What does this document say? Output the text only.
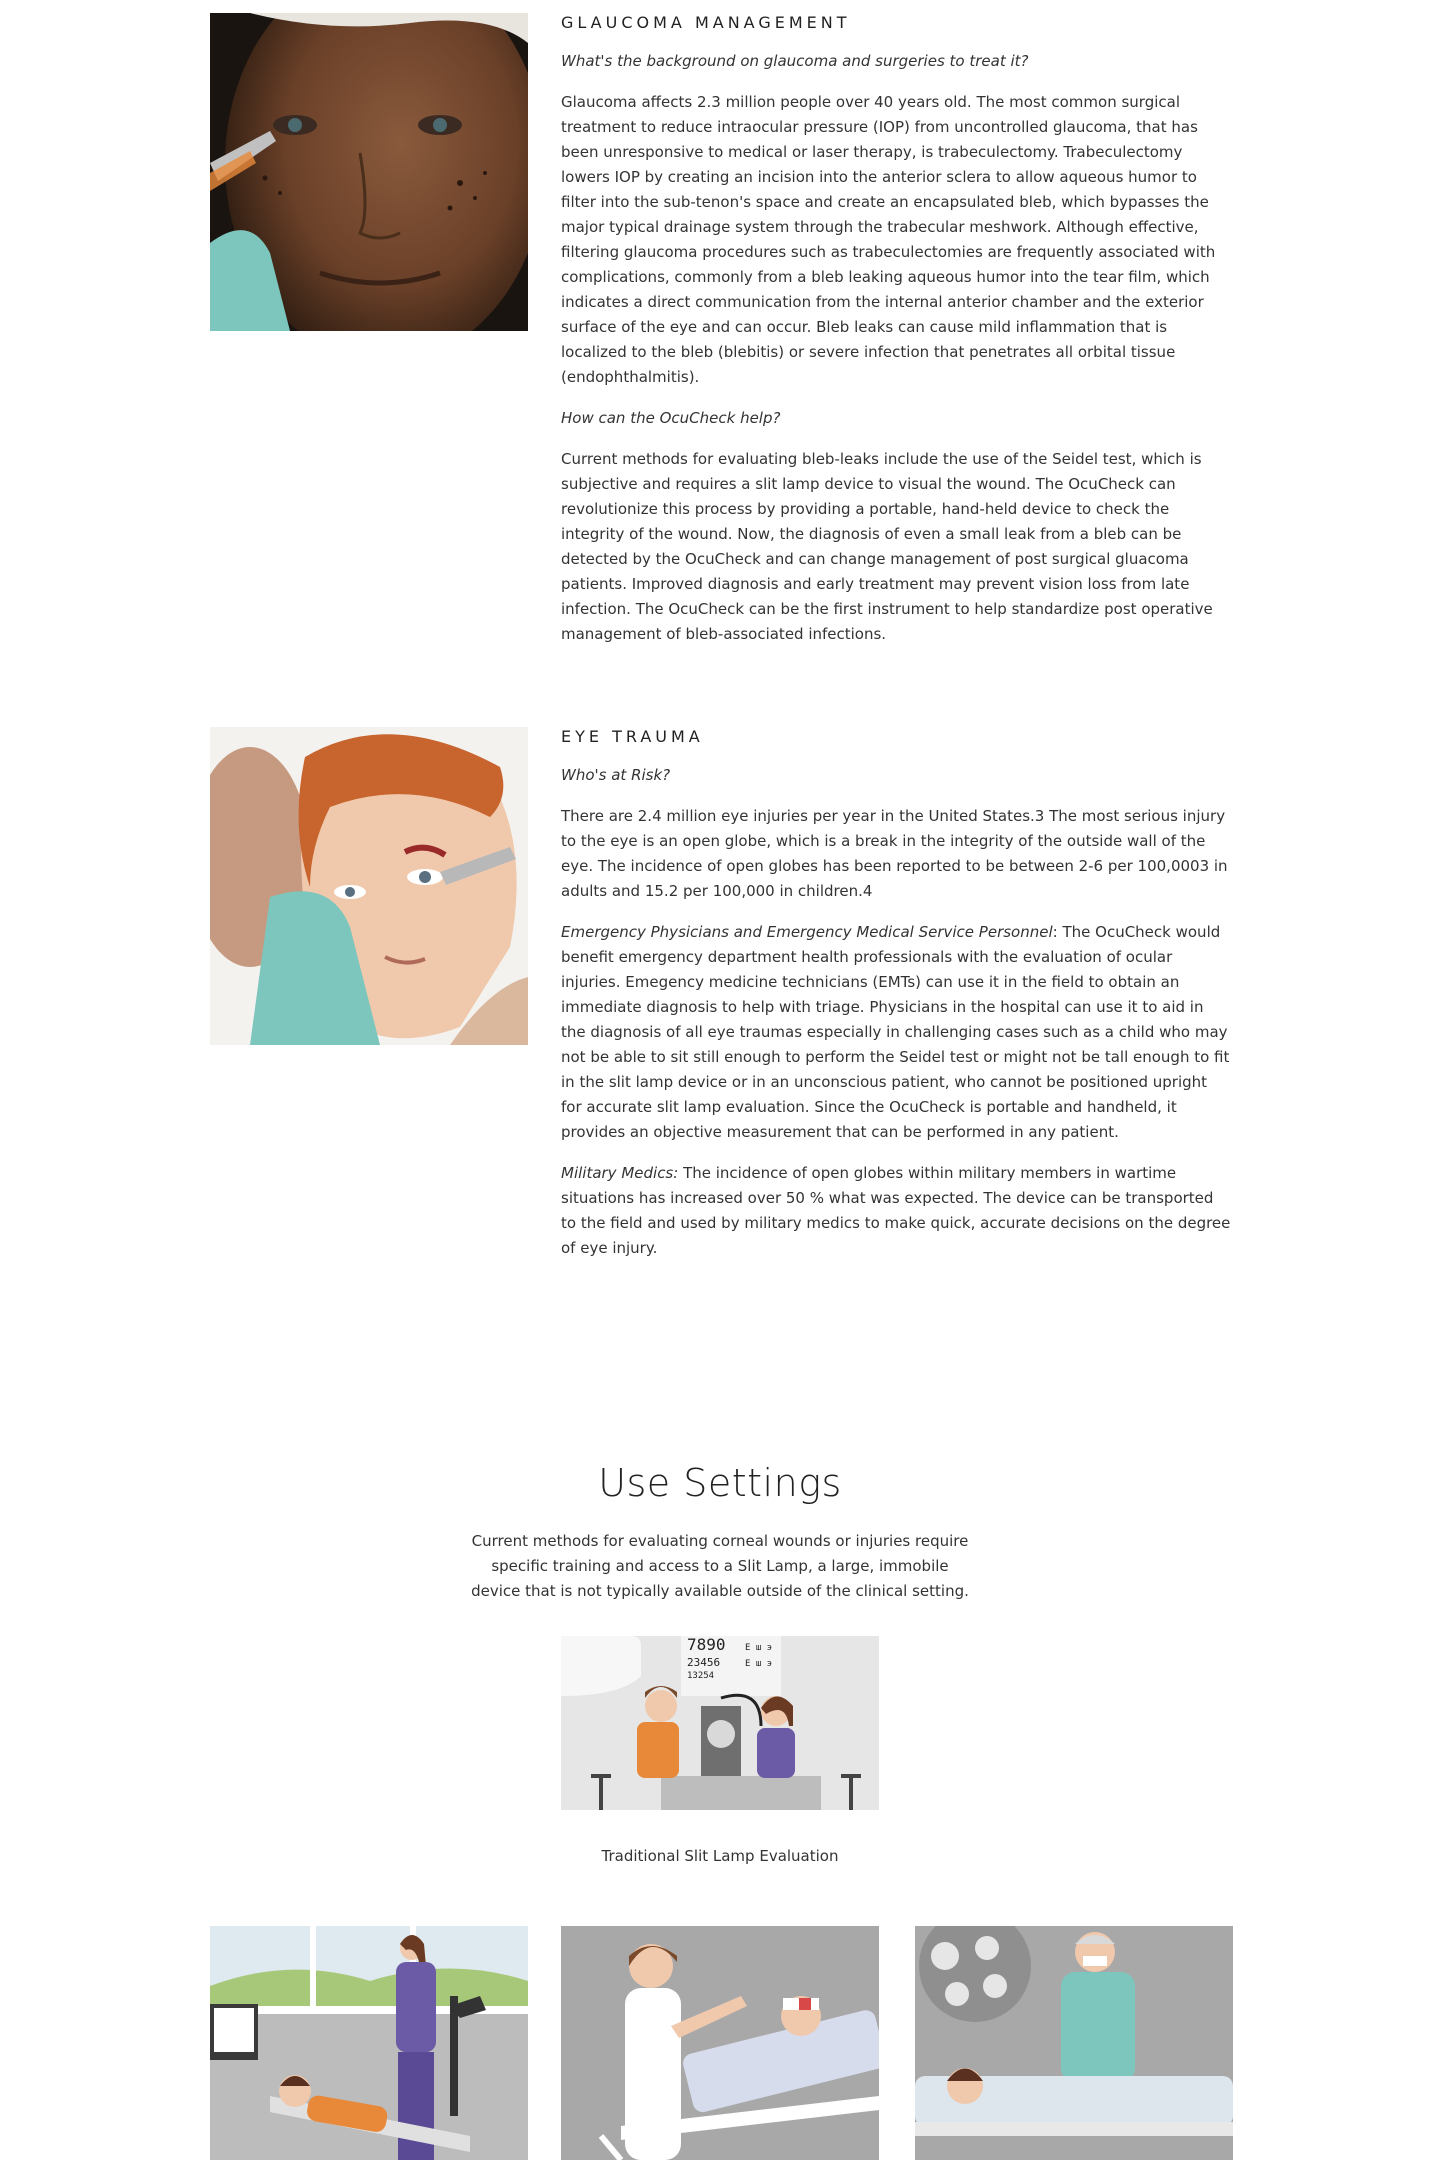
GLAUCOMA MANAGEMENT

What's the background on glaucoma and surgeries to treat it?

Glaucoma affects 2.3 million people over 40 years old. The most common surgical treatment to reduce intraocular pressure (IOP) from uncontrolled glaucoma, that has been unresponsive to medical or laser therapy, is trabeculectomy. Trabeculectomy lowers IOP by creating an incision into the anterior sclera to allow aqueous humor to filter into the sub-tenon's space and create an encapsulated bleb, which bypasses the major typical drainage system through the trabecular meshwork. Although effective, filtering glaucoma procedures such as trabeculectomies are frequently associated with complications, commonly from a bleb leaking aqueous humor into the tear film, which indicates a direct communication from the internal anterior chamber and the exterior surface of the eye and can occur. Bleb leaks can cause mild inflammation that is localized to the bleb (blebitis) or severe infection that penetrates all orbital tissue (endophthalmitis).

How can the OcuCheck help?

Current methods for evaluating bleb-leaks include the use of the Seidel test, which is subjective and requires a slit lamp device to visual the wound. The OcuCheck can revolutionize this process by providing a portable, hand-held device to check the integrity of the wound. Now, the diagnosis of even a small leak from a bleb can be detected by the OcuCheck and can change management of post surgical gluacoma patients. Improved diagnosis and early treatment may prevent vision loss from late infection. The OcuCheck can be the first instrument to help standardize post operative management of bleb-associated infections.

EYE TRAUMA

Who's at Risk?

There are 2.4 million eye injuries per year in the United States.3 The most serious injury to the eye is an open globe, which is a break in the integrity of the outside wall of the eye. The incidence of open globes has been reported to be between 2-6 per 100,0003 in adults and 15.2 per 100,000 in children.4

Emergency Physicians and Emergency Medical Service Personnel: The OcuCheck would benefit emergency department health professionals with the evaluation of ocular injuries. Emegency medicine technicians (EMTs) can use it in the field to obtain an immediate diagnosis to help with triage. Physicians in the hospital can use it to aid in the diagnosis of all eye traumas especially in challenging cases such as a child who may not be able to sit still enough to perform the Seidel test or might not be tall enough to fit in the slit lamp device or in an unconscious patient, who cannot be positioned upright for accurate slit lamp evaluation. Since the OcuCheck is portable and handheld, it provides an objective measurement that can be performed in any patient.

Military Medics: The incidence of open globes within military members in wartime situations has increased over 50 % what was expected. The device can be transported to the field and used by military medics to make quick, accurate decisions on the degree of eye injury.

Use Settings

Current methods for evaluating corneal wounds or injuries require specific training and access to a Slit Lamp, a large, immobile device that is not typically available outside of the clinical setting.

7890
23456
13254
E ш э
E ш э
Traditional Slit Lamp Evaluation
